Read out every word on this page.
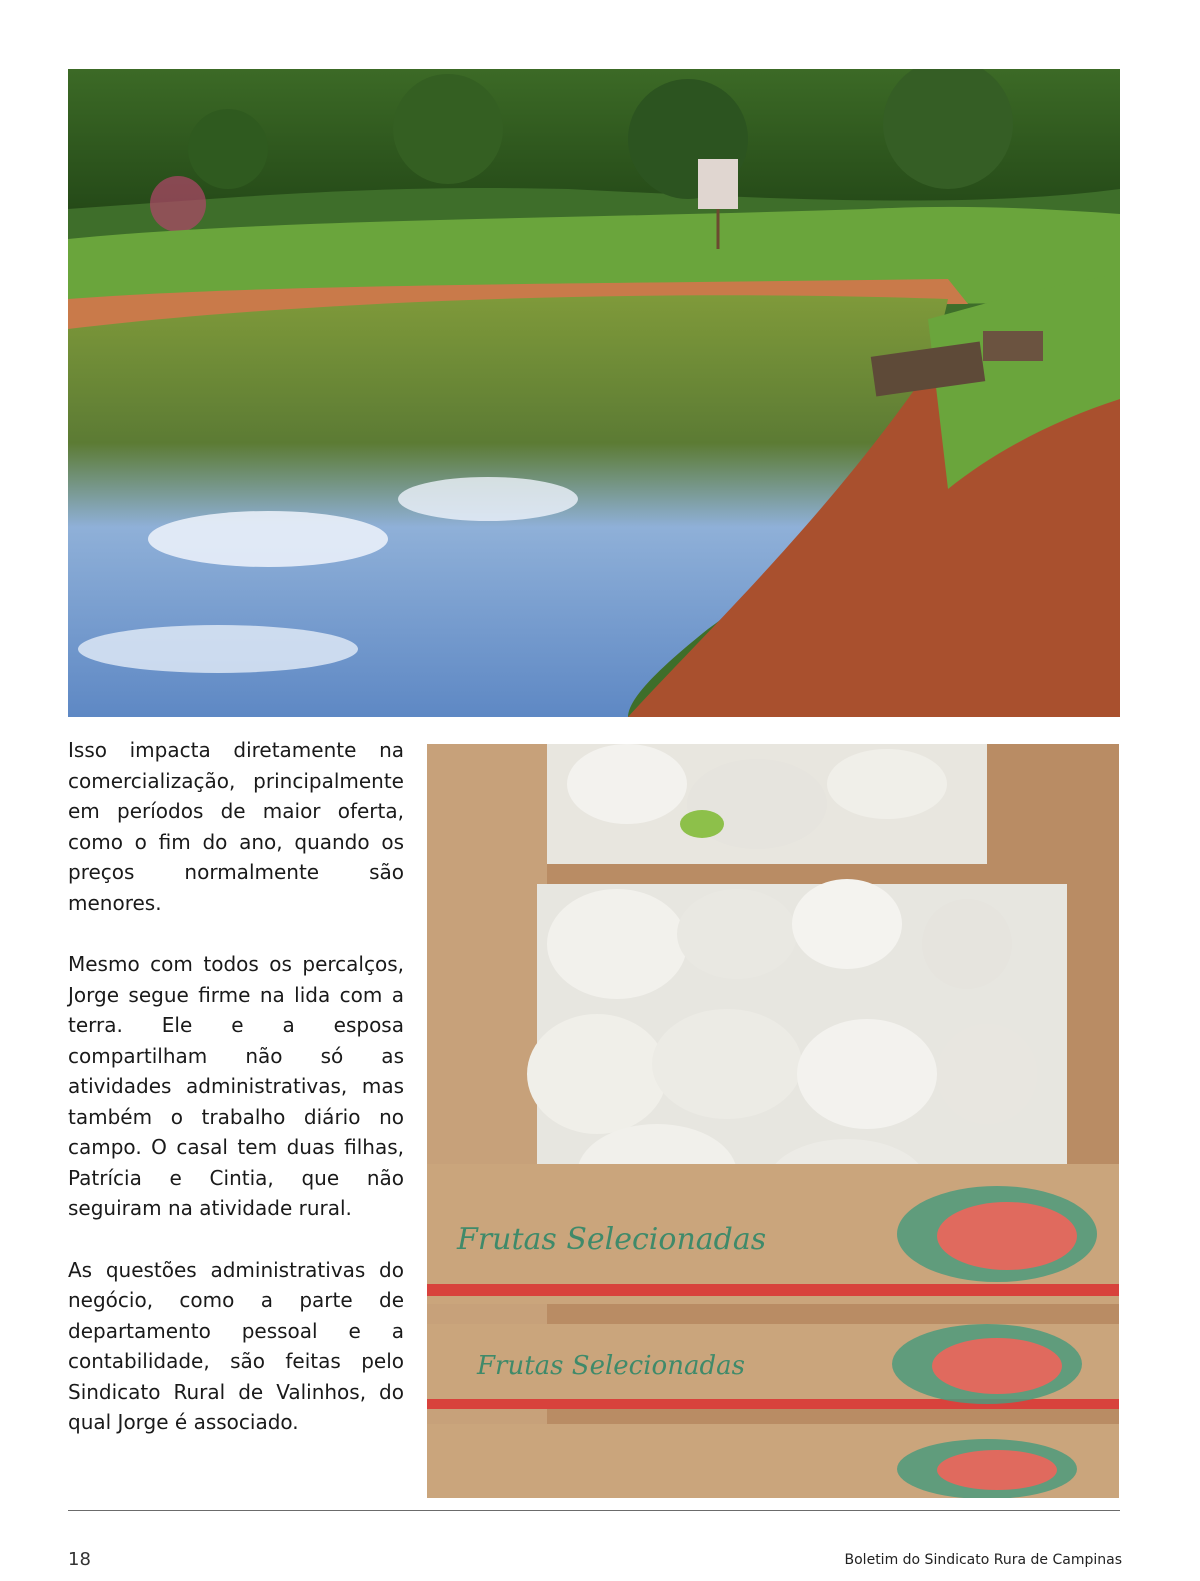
Isso impacta diretamente na comercialização, principalmente em períodos de maior oferta, como o fim do ano, quando os preços normalmente são menores.

Mesmo com todos os percalços, Jorge segue firme na lida com a terra. Ele e a esposa compartilham não só as atividades administrativas, mas também o trabalho diário no campo. O casal tem duas filhas, Patrícia e Cintia, que não seguiram na atividade rural.

As questões administrativas do negócio, como a parte de departamento pessoal e a contabilidade, são feitas pelo Sindicato Rural de Valinhos, do qual Jorge é associado.

Frutas Selecionadas
Frutas Selecionadas
18	Boletim do Sindicato Rura de Campinas
